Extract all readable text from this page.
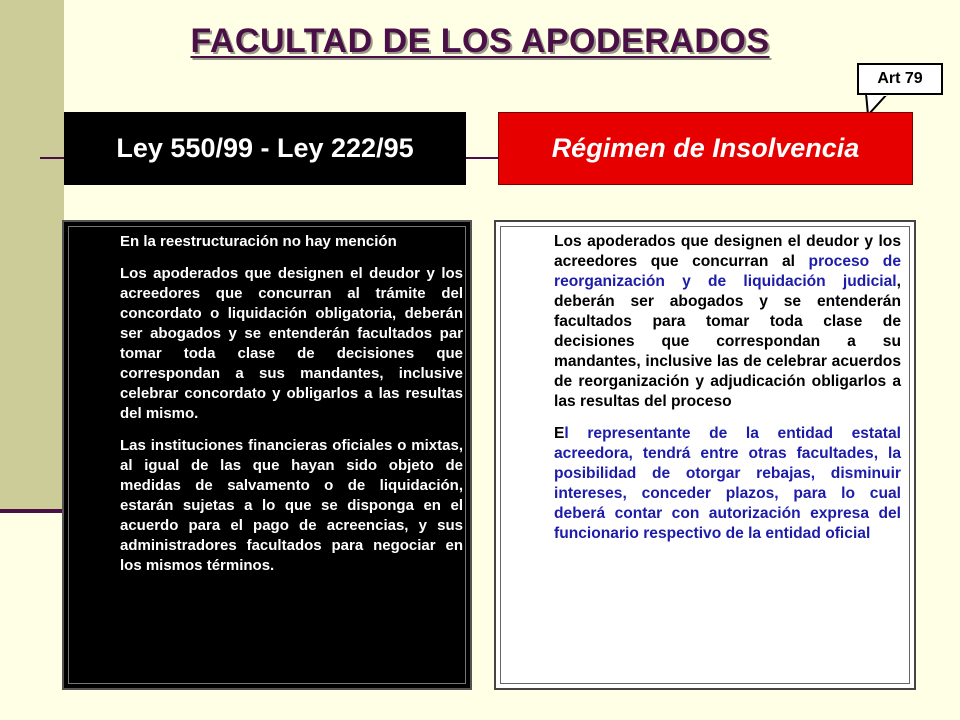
FACULTAD DE LOS APODERADOS
Art 79
Ley 550/99 - Ley 222/95	Régimen de Insolvencia

En la reestructuración no hay mención

Los apoderados que designen el deudor y los acreedores que concurran al trámite del concordato o liquidación obligatoria, deberán ser abogados y se entenderán facultados par tomar toda clase de decisiones que correspondan a sus mandantes, inclusive celebrar concordato y obligarlos a las resultas del mismo.

Las instituciones financieras oficiales o mixtas, al igual de las que hayan sido objeto de medidas de salvamento o de liquidación, estarán sujetas a lo que se disponga en el acuerdo para el pago de acreencias, y sus administradores facultados para negociar en los mismos términos.

Los apoderados que designen el deudor y los acreedores que concurran al proceso de reorganización y de liquidación judicial, deberán ser abogados y se entenderán facultados para tomar toda clase de decisiones que correspondan a su mandantes, inclusive las de celebrar acuerdos de reorganización y adjudicación obligarlos a las resultas del proceso

El representante de la entidad estatal acreedora, tendrá entre otras facultades, la posibilidad de otorgar rebajas, disminuir intereses, conceder plazos, para lo cual deberá contar con autorización expresa del funcionario respectivo de la entidad oficial
